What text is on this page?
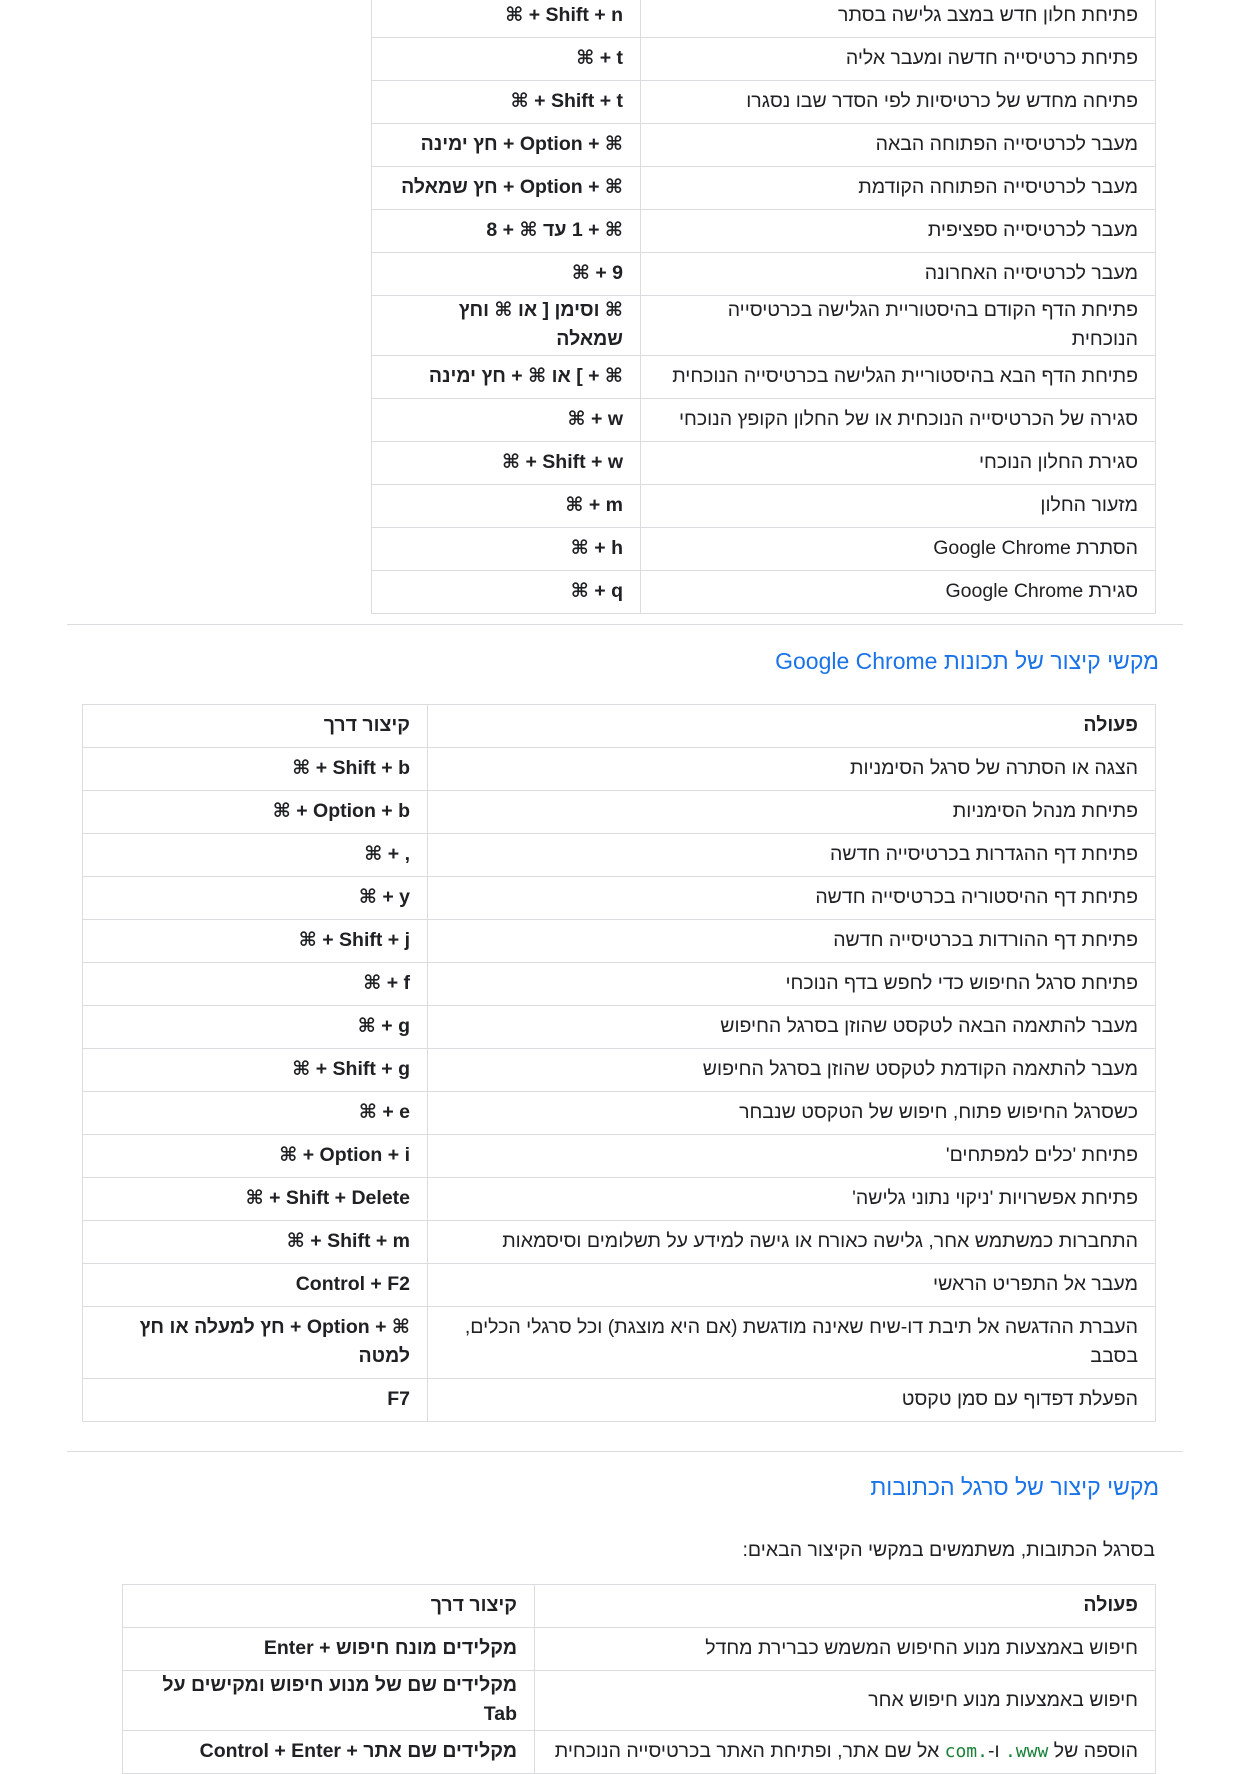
פתיחת חלון חדש במצב גלישה בסתר	⌘ + Shift + n
פתיחת כרטיסייה חדשה ומעבר אליה	⌘ + t
פתיחה מחדש של כרטיסיות לפי הסדר שבו נסגרו	⌘ + Shift + t
מעבר לכרטיסייה הפתוחה הבאה	⌘ + Option + חץ ימינה
מעבר לכרטיסייה הפתוחה הקודמת	⌘ + Option + חץ שמאלה
מעבר לכרטיסייה ספציפית	⌘ + 1 עד ⌘ + 8
מעבר לכרטיסייה האחרונה	⌘ + 9
פתיחת הדף הקודם בהיסטוריית הגלישה בכרטיסייה הנוכחית	⌘ וסימן [ או ⌘ וחץ שמאלה
פתיחת הדף הבא בהיסטוריית הגלישה בכרטיסייה הנוכחית	⌘ + ] או ⌘ + חץ ימינה
סגירה של הכרטיסייה הנוכחית או של החלון הקופץ הנוכחי	⌘ + w
סגירת החלון הנוכחי	⌘ + Shift + w
מזעור החלון	⌘ + m
הסתרת Google Chrome	⌘ + h
סגירת Google Chrome	⌘ + q
מקשי קיצור של תכונות Google Chrome
פעולה	קיצור דרך
הצגה או הסתרה של סרגל הסימניות	⌘ + Shift + b
פתיחת מנהל הסימניות	⌘ + Option + b
פתיחת דף ההגדרות בכרטיסייה חדשה	⌘ + ,
פתיחת דף ההיסטוריה בכרטיסייה חדשה	⌘ + y
פתיחת דף ההורדות בכרטיסייה חדשה	⌘ + Shift + j
פתיחת סרגל החיפוש כדי לחפש בדף הנוכחי	⌘ + f
מעבר להתאמה הבאה לטקסט שהוזן בסרגל החיפוש	⌘ + g
מעבר להתאמה הקודמת לטקסט שהוזן בסרגל החיפוש	⌘ + Shift + g
כשסרגל החיפוש פתוח, חיפוש של הטקסט שנבחר	⌘ + e
פתיחת 'כלים למפתחים'	⌘ + Option + i
פתיחת אפשרויות 'ניקוי נתוני גלישה'	⌘ + Shift + Delete
התחברות כמשתמש אחר, גלישה כאורח או גישה למידע על תשלומים וסיסמאות	⌘ + Shift + m
מעבר אל התפריט הראשי	Control + F2
העברת ההדגשה אל תיבת דו-שיח שאינה מודגשת (אם היא מוצגת) וכל סרגלי הכלים, בסבב	⌘ + Option + חץ למעלה או חץ למטה
הפעלת דפדוף עם סמן טקסט	F7
מקשי קיצור של סרגל הכתובות

בסרגל הכתובות, משתמשים במקשי הקיצור הבאים:

פעולה	קיצור דרך
חיפוש באמצעות מנוע החיפוש המשמש כברירת מחדל	מקלידים מונח חיפוש + Enter
חיפוש באמצעות מנוע חיפוש אחר	מקלידים שם של מנוע חיפוש ומקישים על Tab
הוספה של www. ו-.com אל שם אתר, ופתיחת האתר בכרטיסייה הנוכחית	מקלידים שם אתר + Control + Enter
